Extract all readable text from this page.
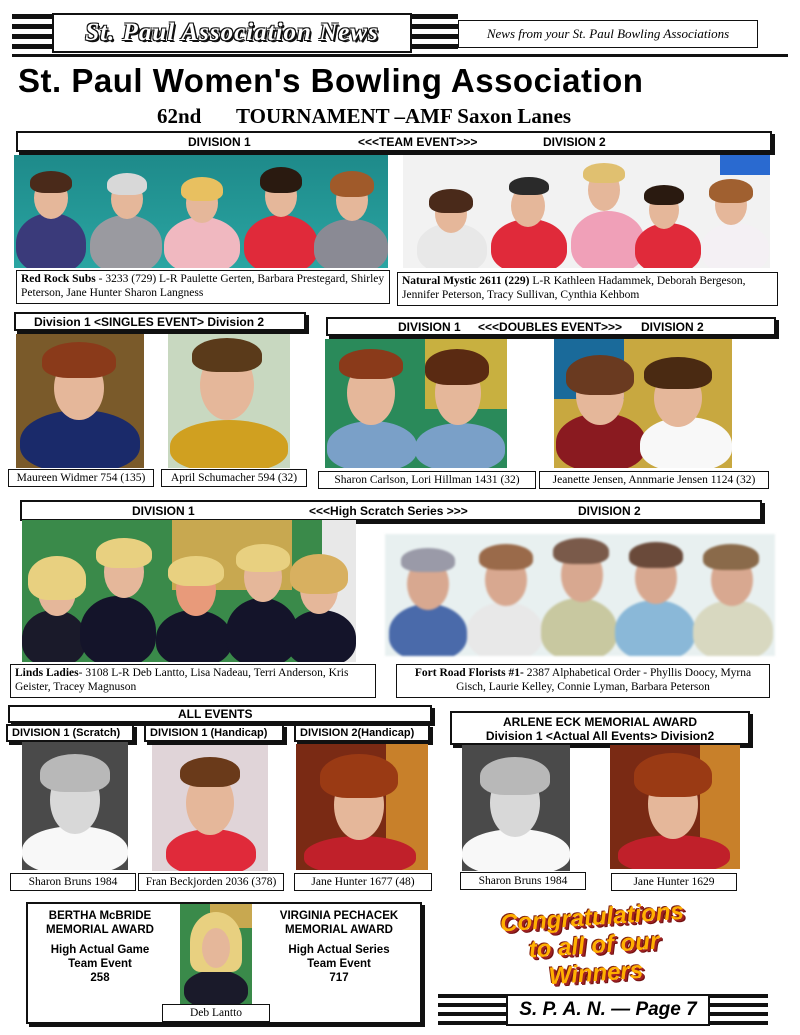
St. Paul Association News	News from your St. Paul Bowling Associations
St. Paul Women's Bowling Association
62nd TOURNAMENT –AMF Saxon Lanes
DIVISION 1	<<<TEAM EVENT>>>	DIVISION 2
Red Rock Subs - 3233 (729) L-R Paulette Gerten, Barbara Prestegard, Shirley Peterson, Jane Hunter Sharon Langness
Natural Mystic 2611 (229) L-R Kathleen Hadammek, Deborah Bergeson, Jennifer Peterson, Tracy Sullivan, Cynthia Kehbom
Division 1 <SINGLES EVENT> Division 2
Maureen Widmer 754 (135)	April Schumacher 594 (32)
DIVISION 1 <<<DOUBLES EVENT>>> DIVISION 2
Sharon Carlson, Lori Hillman 1431 (32)	Jeanette Jensen, Annmarie Jensen 1124 (32)
DIVISION 1	<<<High Scratch Series >>>	DIVISION 2
Linds Ladies- 3108 L-R Deb Lantto, Lisa Nadeau, Terri Anderson, Kris Geister, Tracey Magnuson
Fort Road Florists #1- 2387 Alphabetical Order - Phyllis Doocy, Myrna Gisch, Laurie Kelley, Connie Lyman, Barbara Peterson
ALL EVENTS
DIVISION 1 (Scratch)	DIVISION 1 (Handicap)	DIVISION 2(Handicap)
Sharon Bruns 1984	Fran Beckjorden 2036 (378)	Jane Hunter 1677 (48)
ARLENE ECK MEMORIAL AWARD
Division 1 <Actual All Events> Division2
Sharon Bruns 1984	Jane Hunter 1629
BERTHA McBRIDE
MEMORIAL AWARD
High Actual Game
Team Event
258
Deb Lantto
VIRGINIA PECHACEK
MEMORIAL AWARD
High Actual Series
Team Event
717
Congratulations
to all of our
Winners
S. P. A. N. — Page 7
